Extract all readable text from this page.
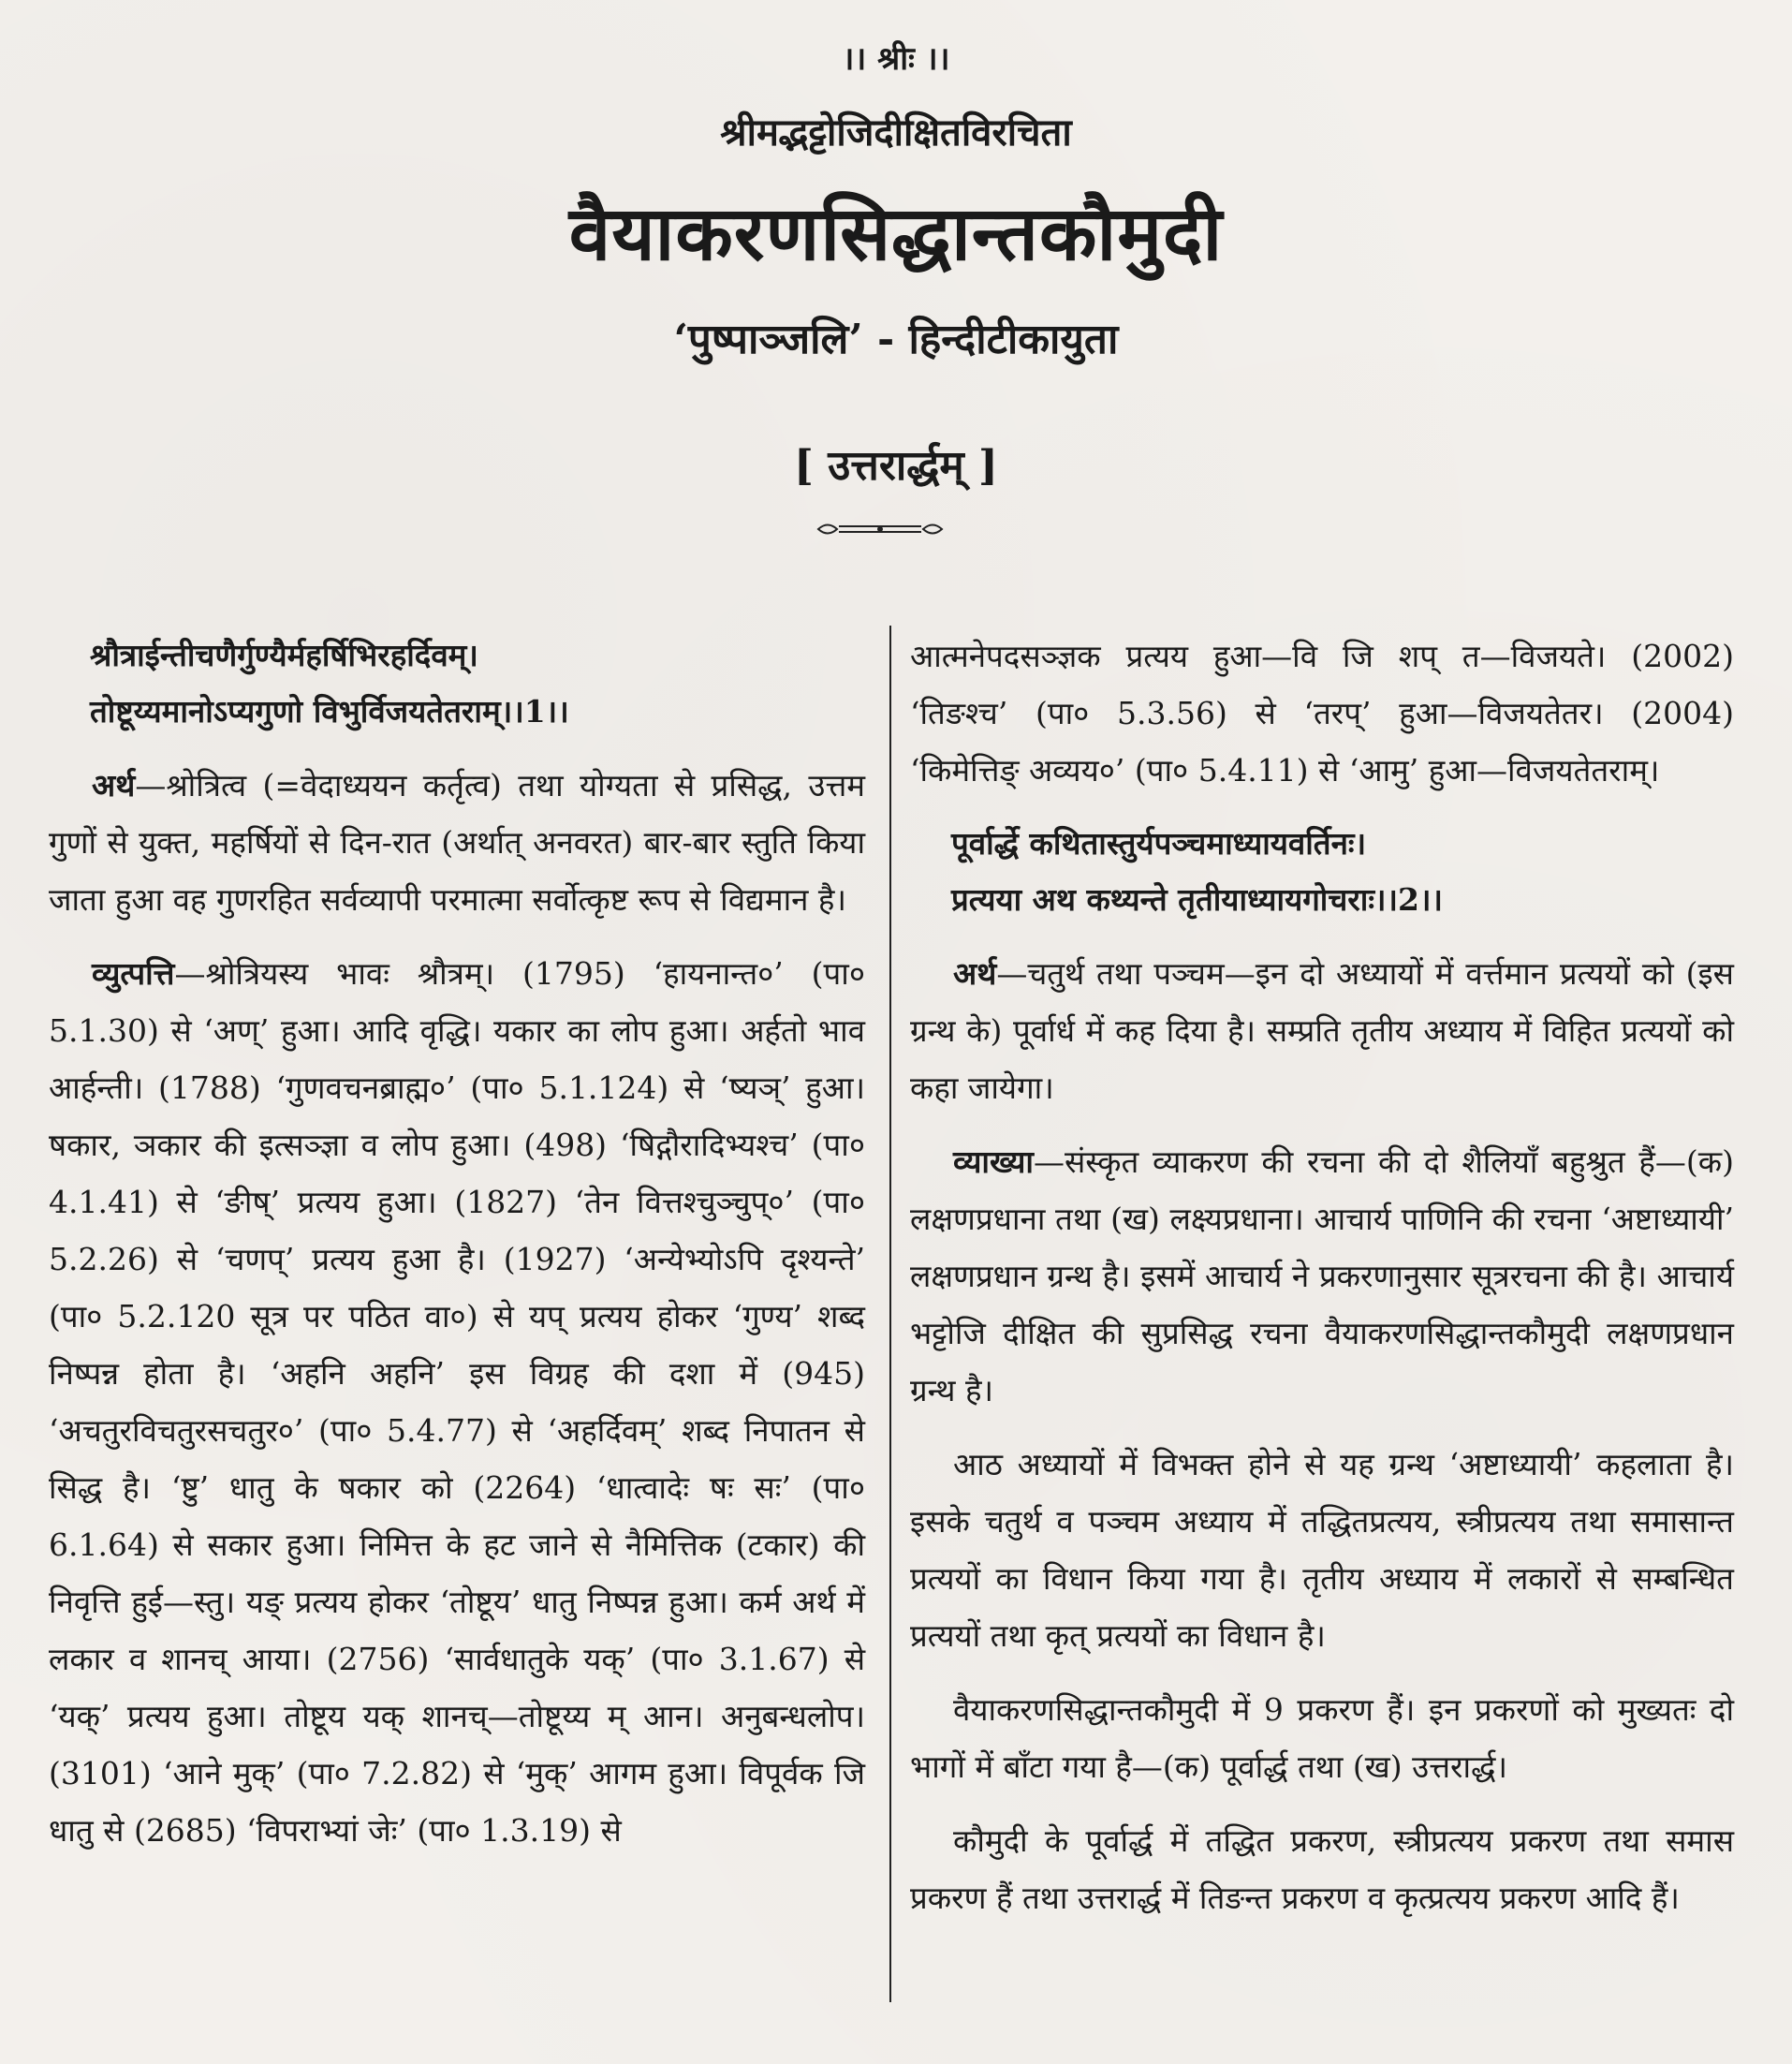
।। श्रीः ।।
श्रीमद्भट्टोजिदीक्षितविरचिता
वैयाकरणसिद्धान्तकौमुदी
‘पुष्पाञ्जलि’ - हिन्दीटीकायुता
[ उत्तरार्द्धम् ]

श्रौत्राईन्तीचणैर्गुण्यैर्महर्षिभिरहर्दिवम्।
तोष्टूय्यमानोऽप्यगुणो विभुर्विजयतेतराम्।।1।।

अर्थ—श्रोत्रित्व (=वेदाध्ययन कर्तृत्व) तथा योग्यता से प्रसिद्ध, उत्तम गुणों से युक्त, महर्षियों से दिन-रात (अर्थात् अनवरत) बार-बार स्तुति किया जाता हुआ वह गुणरहित सर्वव्यापी परमात्मा सर्वोत्कृष्ट रूप से विद्यमान है।

व्युत्पत्ति—श्रोत्रियस्य भावः श्रौत्रम्। (1795) ‘हायनान्त०’ (पा० 5.1.30) से ‘अण्’ हुआ। आदि वृद्धि। यकार का लोप हुआ। अर्हतो भाव आर्हन्ती। (1788) ‘गुणवचनब्राह्म०’ (पा० 5.1.124) से ‘ष्यञ्’ हुआ। षकार, ञकार की इत्सञ्ज्ञा व लोप हुआ। (498) ‘षिद्गौरादिभ्यश्च’ (पा० 4.1.41) से ‘ङीष्’ प्रत्यय हुआ। (1827) ‘तेन वित्तश्चुञ्चुप्०’ (पा० 5.2.26) से ‘चणप्’ प्रत्यय हुआ है। (1927) ‘अन्येभ्योऽपि दृश्यन्ते’ (पा० 5.2.120 सूत्र पर पठित वा०) से यप् प्रत्यय होकर ‘गुण्य’ शब्द निष्पन्न होता है। ‘अहनि अहनि’ इस विग्रह की दशा में (945) ‘अचतुरविचतुरसचतुर०’ (पा० 5.4.77) से ‘अहर्दिवम्’ शब्द निपातन से सिद्ध है। ‘ष्टु’ धातु के षकार को (2264) ‘धात्वादेः षः सः’ (पा० 6.1.64) से सकार हुआ। निमित्त के हट जाने से नैमित्तिक (टकार) की निवृत्ति हुई—स्तु। यङ् प्रत्यय होकर ‘तोष्टूय’ धातु निष्पन्न हुआ। कर्म अर्थ में लकार व शानच् आया। (2756) ‘सार्वधातुके यक्’ (पा० 3.1.67) से ‘यक्’ प्रत्यय हुआ। तोष्टूय यक् शानच्—तोष्टूय्य म् आन। अनुबन्धलोप। (3101) ‘आने मुक्’ (पा० 7.2.82) से ‘मुक्’ आगम हुआ। विपूर्वक जि धातु से (2685) ‘विपराभ्यां जेः’ (पा० 1.3.19) से

आत्मनेपदसञ्ज्ञक प्रत्यय हुआ—वि जि शप् त—विजयते। (2002) ‘तिङश्च’ (पा० 5.3.56) से ‘तरप्’ हुआ—विजयतेतर। (2004) ‘किमेत्तिङ् अव्यय०’ (पा० 5.4.11) से ‘आमु’ हुआ—विजयतेतराम्।

पूर्वार्द्धे कथितास्तुर्यपञ्चमाध्यायवर्तिनः।
प्रत्यया अथ कथ्यन्ते तृतीयाध्यायगोचराः।।2।।

अर्थ—चतुर्थ तथा पञ्चम—इन दो अध्यायों में वर्त्तमान प्रत्ययों को (इस ग्रन्थ के) पूर्वार्ध में कह दिया है। सम्प्रति तृतीय अध्याय में विहित प्रत्ययों को कहा जायेगा।

व्याख्या—संस्कृत व्याकरण की रचना की दो शैलियाँ बहुश्रुत हैं—(क) लक्षणप्रधाना तथा (ख) लक्ष्यप्रधाना। आचार्य पाणिनि की रचना ‘अष्टाध्यायी’ लक्षणप्रधान ग्रन्थ है। इसमें आचार्य ने प्रकरणानुसार सूत्ररचना की है। आचार्य भट्टोजि दीक्षित की सुप्रसिद्ध रचना वैयाकरणसिद्धान्तकौमुदी लक्षणप्रधान ग्रन्थ है।

आठ अध्यायों में विभक्त होने से यह ग्रन्थ ‘अष्टाध्यायी’ कहलाता है। इसके चतुर्थ व पञ्चम अध्याय में तद्धितप्रत्यय, स्त्रीप्रत्यय तथा समासान्त प्रत्ययों का विधान किया गया है। तृतीय अध्याय में लकारों से सम्बन्धित प्रत्ययों तथा कृत् प्रत्ययों का विधान है।

वैयाकरणसिद्धान्तकौमुदी में 9 प्रकरण हैं। इन प्रकरणों को मुख्यतः दो भागों में बाँटा गया है—(क) पूर्वार्द्ध तथा (ख) उत्तरार्द्ध।

कौमुदी के पूर्वार्द्ध में तद्धित प्रकरण, स्त्रीप्रत्यय प्रकरण तथा समास प्रकरण हैं तथा उत्तरार्द्ध में तिङन्त प्रकरण व कृत्प्रत्यय प्रकरण आदि हैं।
